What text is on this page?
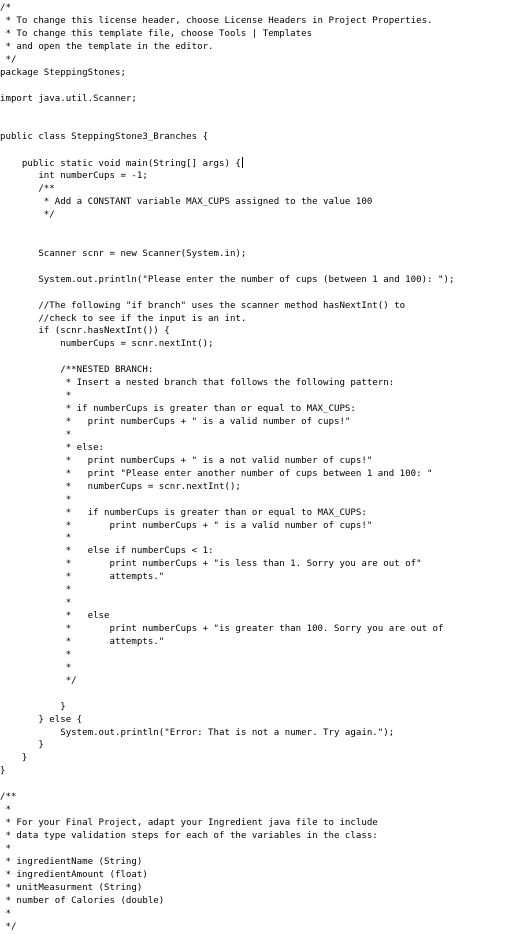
/*
* To change this license header, choose License Headers in Project Properties.
* To change this template file, choose Tools | Templates
* and open the template in the editor.
*/
package SteppingStones;
import java.util.Scanner;
public class SteppingStone3_Branches {
public static void main(String[] args) {
int numberCups = -1;
/**
* Add a CONSTANT variable MAX_CUPS assigned to the value 100
*/
Scanner scnr = new Scanner(System.in);
System.out.println("Please enter the number of cups (between 1 and 100): ");
//The following "if branch" uses the scanner method hasNextInt() to
//check to see if the input is an int.
if (scnr.hasNextInt()) {
numberCups = scnr.nextInt();
/**NESTED BRANCH:
* Insert a nested branch that follows the following pattern:
*
* if numberCups is greater than or equal to MAX_CUPS:
*   print numberCups + " is a valid number of cups!"
*
* else:
*   print numberCups + " is a not valid number of cups!"
*   print "Please enter another number of cups between 1 and 100: "
*   numberCups = scnr.nextInt();
*
*   if numberCups is greater than or equal to MAX_CUPS:
*       print numberCups + " is a valid number of cups!"
*
*   else if numberCups < 1:
*       print numberCups + "is less than 1. Sorry you are out of"
*       attempts."
*
*
*   else
*       print numberCups + "is greater than 100. Sorry you are out of
*       attempts."
*
*
*/
}
} else {
System.out.println("Error: That is not a numer. Try again.");
}
}
}
/**
*
* For your Final Project, adapt your Ingredient java file to include
* data type validation steps for each of the variables in the class:
*
* ingredientName (String)
* ingredientAmount (float)
* unitMeasurment (String)
* number of Calories (double)
*
*/
